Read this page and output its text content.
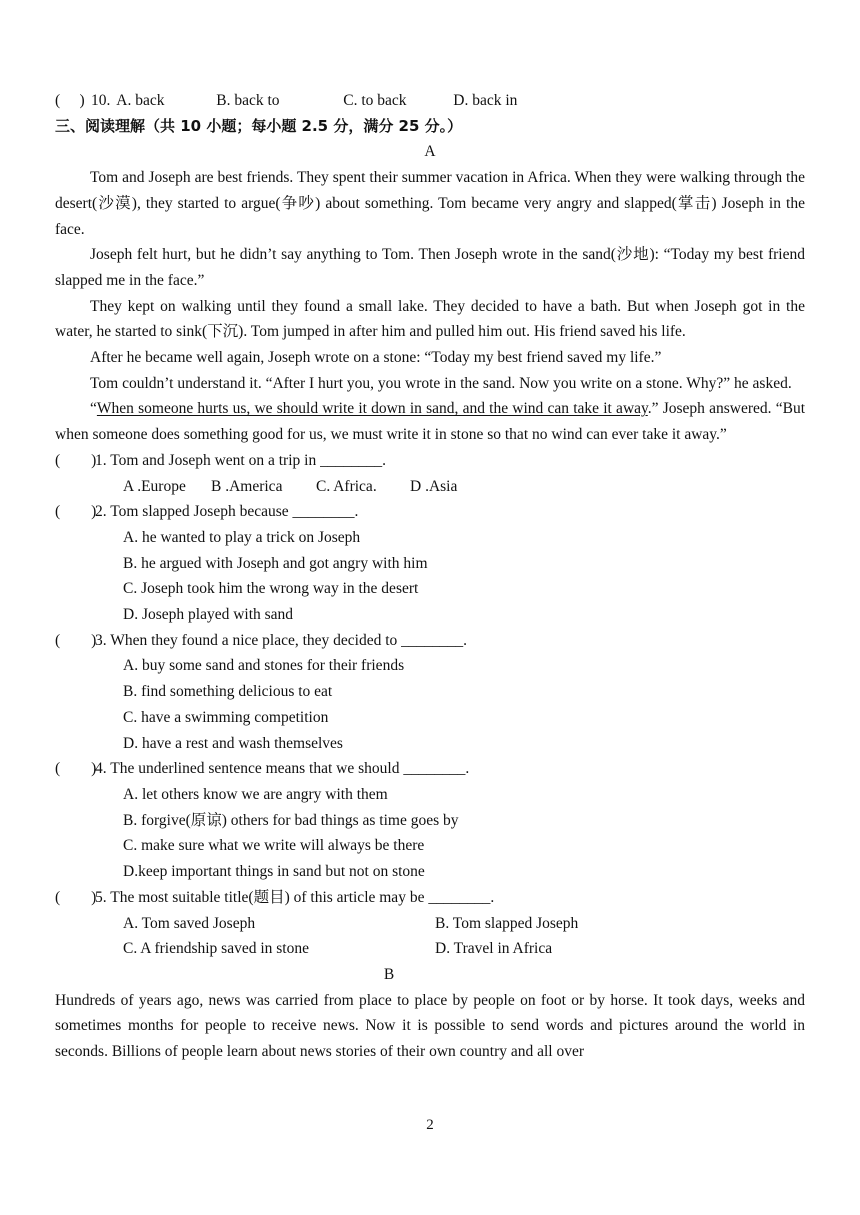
(     ) 10. A. back	B. back to	C. to back	D. back in
三、阅读理解（共 10 小题；每小题 2.5 分，满分 25 分。）
A

Tom and Joseph are best friends. They spent their summer vacation in Africa. When they were walking through the desert(沙漠), they started to argue(争吵) about something. Tom became very angry and slapped(掌击) Joseph in the face.

Joseph felt hurt, but he didn’t say anything to Tom. Then Joseph wrote in the sand(沙地): “Today my best friend slapped me in the face.”

They kept on walking until they found a small lake. They decided to have a bath. But when Joseph got in the water, he started to sink(下沉). Tom jumped in after him and pulled him out. His friend saved his life.

After he became well again, Joseph wrote on a stone: “Today my best friend saved my life.”

Tom couldn’t understand it. “After I hurt you, you wrote in the sand. Now you write on a stone. Why?” he asked.

“When someone hurts us, we should write it down in sand, and the wind can take it away.” Joseph answered. “But when someone does something good for us, we must write it in stone so that no wind can ever take it away.”

(        )1. Tom and Joseph went on a trip in ________.
A .Europe B .America C. Africa. D .Asia
(        )2. Tom slapped Joseph because ________.
A. he wanted to play a trick on Joseph
B. he argued with Joseph and got angry with him
C. Joseph took him the wrong way in the desert
D. Joseph played with sand
(        )3. When they found a nice place, they decided to ________.
A. buy some sand and stones for their friends
B. find something delicious to eat
C. have a swimming competition
D. have a rest and wash themselves
(        )4. The underlined sentence means that we should ________.
A. let others know we are angry with them
B. forgive(原谅) others for bad things as time goes by
C. make sure what we write will always be there
D.keep important things in sand but not on stone
(        )5. The most suitable title(题目) of this article may be ________.
A. Tom saved Joseph	B. Tom slapped Joseph
C. A friendship saved in stone	D. Travel in Africa
B

Hundreds of years ago, news was carried from place to place by people on foot or by horse. It took days, weeks and sometimes months for people to receive news. Now it is possible to send words and pictures around the world in seconds. Billions of people learn about news stories of their own country and all over

2
